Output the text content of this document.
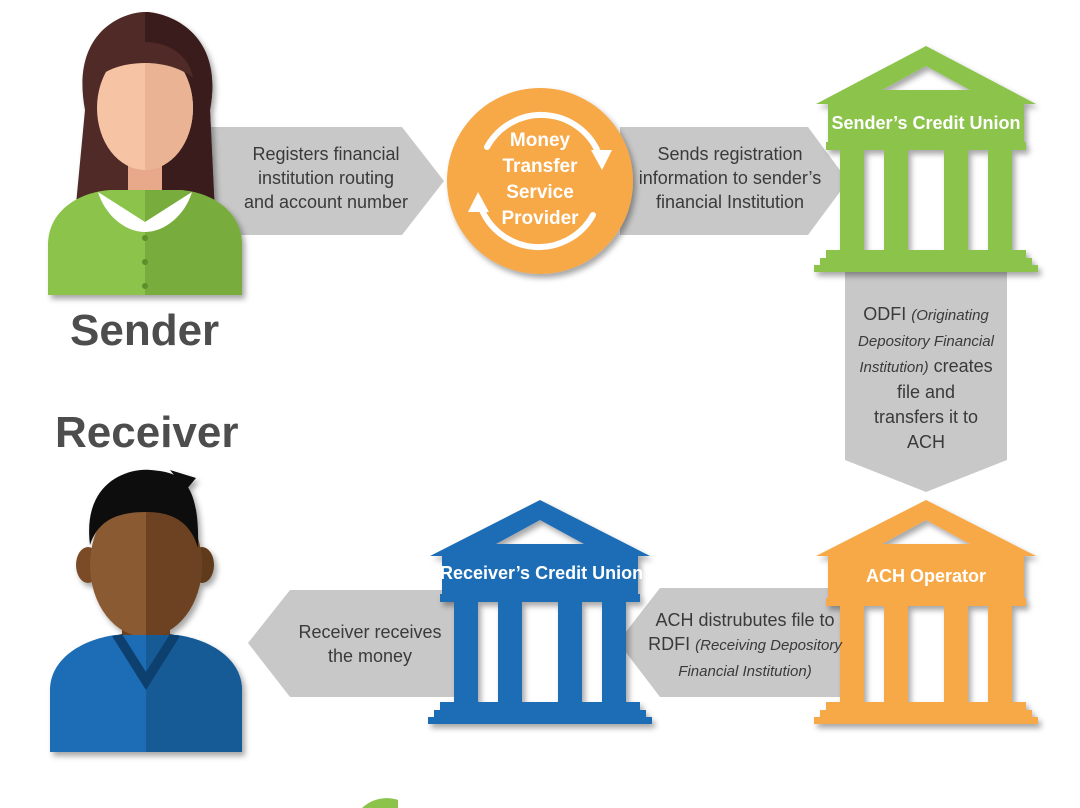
Sender
Receiver
Money
Transfer
Service
Provider
Sender’s Credit Union
ACH Operator
Receiver’s Credit Union
Registers financial
institution routing
and account number
Sends registration
information to sender’s
financial Institution
ODFI (Originating
Depository Financial
Institution) creates
file and
transfers it to
ACH
ACH distrubutes file to
RDFI (Receiving Depository
Financial Institution)
Receiver receives
the money
